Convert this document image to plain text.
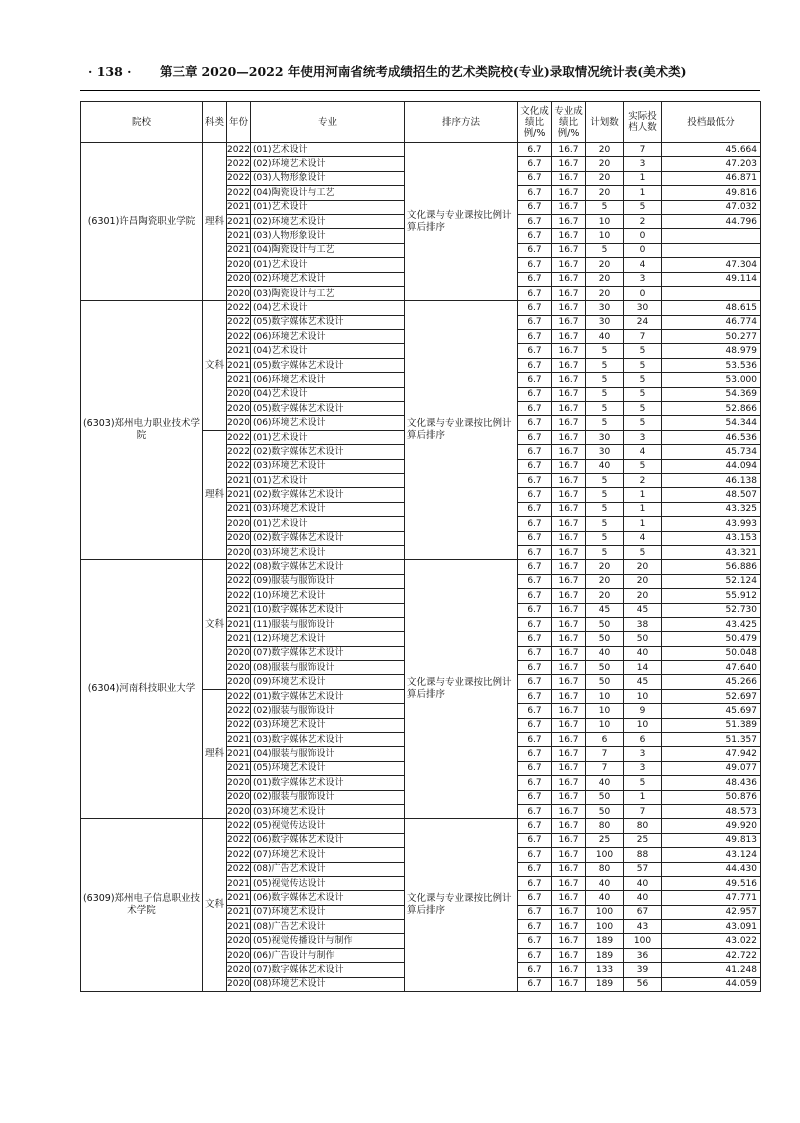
· 138 · 第三章 2020—2022 年使用河南省统考成绩招生的艺术类院校(专业)录取情况统计表(美术类)
院校	科类	年份	专业	排序方法	文化成绩比例/%	专业成绩比例/%	计划数	实际投档人数	投档最低分
(6301)许昌陶瓷职业学院	理科	2022	(01)艺术设计	文化课与专业课按比例计算后排序	6.7	16.7	20	7	45.664
		2022	(02)环境艺术设计		6.7	16.7	20	3	47.203
		2022	(03)人物形象设计		6.7	16.7	20	1	46.871
		2022	(04)陶瓷设计与工艺		6.7	16.7	20	1	49.816
		2021	(01)艺术设计		6.7	16.7	5	5	47.032
		2021	(02)环境艺术设计		6.7	16.7	10	2	44.796
		2021	(03)人物形象设计		6.7	16.7	10	0	
		2021	(04)陶瓷设计与工艺		6.7	16.7	5	0	
		2020	(01)艺术设计		6.7	16.7	20	4	47.304
		2020	(02)环境艺术设计		6.7	16.7	20	3	49.114
		2020	(03)陶瓷设计与工艺		6.7	16.7	20	0	
(6303)郑州电力职业技术学院	文科	2022	(04)艺术设计	文化课与专业课按比例计算后排序	6.7	16.7	30	30	48.615
		2022	(05)数字媒体艺术设计		6.7	16.7	30	24	46.774
		2022	(06)环境艺术设计		6.7	16.7	40	7	50.277
		2021	(04)艺术设计		6.7	16.7	5	5	48.979
		2021	(05)数字媒体艺术设计		6.7	16.7	5	5	53.536
		2021	(06)环境艺术设计		6.7	16.7	5	5	53.000
		2020	(04)艺术设计		6.7	16.7	5	5	54.369
		2020	(05)数字媒体艺术设计		6.7	16.7	5	5	52.866
		2020	(06)环境艺术设计		6.7	16.7	5	5	54.344
	理科	2022	(01)艺术设计		6.7	16.7	30	3	46.536
		2022	(02)数字媒体艺术设计		6.7	16.7	30	4	45.734
		2022	(03)环境艺术设计		6.7	16.7	40	5	44.094
		2021	(01)艺术设计		6.7	16.7	5	2	46.138
		2021	(02)数字媒体艺术设计		6.7	16.7	5	1	48.507
		2021	(03)环境艺术设计		6.7	16.7	5	1	43.325
		2020	(01)艺术设计		6.7	16.7	5	1	43.993
		2020	(02)数字媒体艺术设计		6.7	16.7	5	4	43.153
		2020	(03)环境艺术设计		6.7	16.7	5	5	43.321
(6304)河南科技职业大学	文科	2022	(08)数字媒体艺术设计	文化课与专业课按比例计算后排序	6.7	16.7	20	20	56.886
		2022	(09)服装与服饰设计		6.7	16.7	20	20	52.124
		2022	(10)环境艺术设计		6.7	16.7	20	20	55.912
		2021	(10)数字媒体艺术设计		6.7	16.7	45	45	52.730
		2021	(11)服装与服饰设计		6.7	16.7	50	38	43.425
		2021	(12)环境艺术设计		6.7	16.7	50	50	50.479
		2020	(07)数字媒体艺术设计		6.7	16.7	40	40	50.048
		2020	(08)服装与服饰设计		6.7	16.7	50	14	47.640
		2020	(09)环境艺术设计		6.7	16.7	50	45	45.266
	理科	2022	(01)数字媒体艺术设计		6.7	16.7	10	10	52.697
		2022	(02)服装与服饰设计		6.7	16.7	10	9	45.697
		2022	(03)环境艺术设计		6.7	16.7	10	10	51.389
		2021	(03)数字媒体艺术设计		6.7	16.7	6	6	51.357
		2021	(04)服装与服饰设计		6.7	16.7	7	3	47.942
		2021	(05)环境艺术设计		6.7	16.7	7	3	49.077
		2020	(01)数字媒体艺术设计		6.7	16.7	40	5	48.436
		2020	(02)服装与服饰设计		6.7	16.7	50	1	50.876
		2020	(03)环境艺术设计		6.7	16.7	50	7	48.573
(6309)郑州电子信息职业技术学院	文科	2022	(05)视觉传达设计	文化课与专业课按比例计算后排序	6.7	16.7	80	80	49.920
		2022	(06)数字媒体艺术设计		6.7	16.7	25	25	49.813
		2022	(07)环境艺术设计		6.7	16.7	100	88	43.124
		2022	(08)广告艺术设计		6.7	16.7	80	57	44.430
		2021	(05)视觉传达设计		6.7	16.7	40	40	49.516
		2021	(06)数字媒体艺术设计		6.7	16.7	40	40	47.771
		2021	(07)环境艺术设计		6.7	16.7	100	67	42.957
		2021	(08)广告艺术设计		6.7	16.7	100	43	43.091
		2020	(05)视觉传播设计与制作		6.7	16.7	189	100	43.022
		2020	(06)广告设计与制作		6.7	16.7	189	36	42.722
		2020	(07)数字媒体艺术设计		6.7	16.7	133	39	41.248
		2020	(08)环境艺术设计		6.7	16.7	189	56	44.059
